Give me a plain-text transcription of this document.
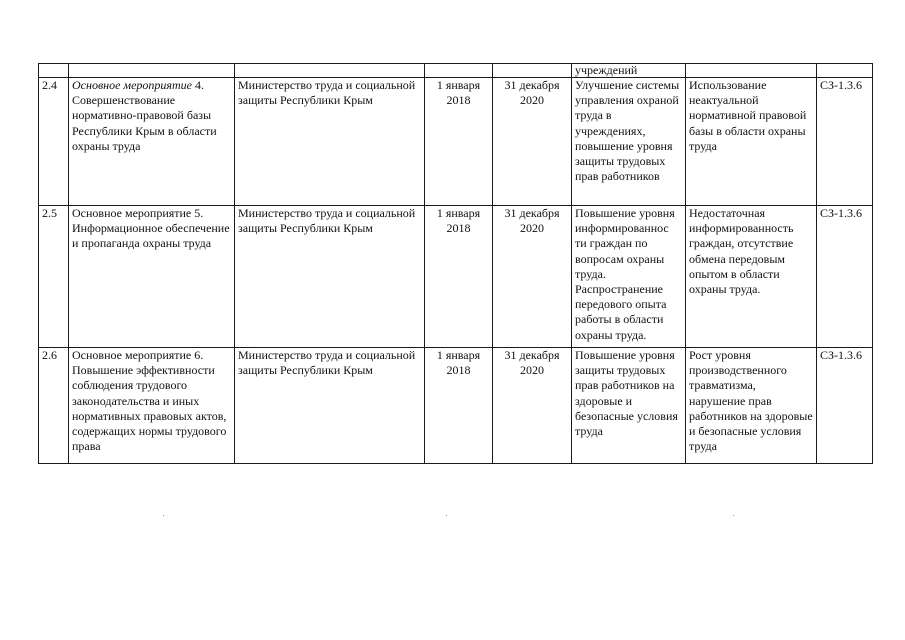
					учреждений		
2.4	Основное мероприятие 4. Совершенствование нормативно-правовой базы Республики Крым в области охраны труда	Министерство труда и социальной защиты Республики Крым	1 января 2018	31 декабря 2020	Улучшение системы управления охраной труда в учреждениях, повышение уровня защиты трудовых прав работников	Использование неактуальной нормативной правовой базы в области охраны труда	СЗ-1.3.6
2.5	Основное мероприятие 5. Информационное обеспечение и пропаганда охраны труда	Министерство труда и социальной защиты Республики Крым	1 января 2018	31 декабря 2020	Повышение уровня информированнос ти граждан по вопросам охраны труда. Распространение передового опыта работы в области охраны труда.	Недостаточная информированность граждан, отсутствие обмена передовым опытом в области охраны труда.	СЗ-1.3.6
2.6	Основное мероприятие 6. Повышение эффективности соблюдения трудового законодательства и иных нормативных правовых актов, содержащих нормы трудового права	Министерство труда и социальной защиты Республики Крым	1 января 2018	31 декабря 2020	Повышение уровня защиты трудовых прав работников на здоровые и безопасные условия труда	Рост уровня производственного травматизма, нарушение прав работников на здоровые и безопасные условия труда	СЗ-1.3.6
